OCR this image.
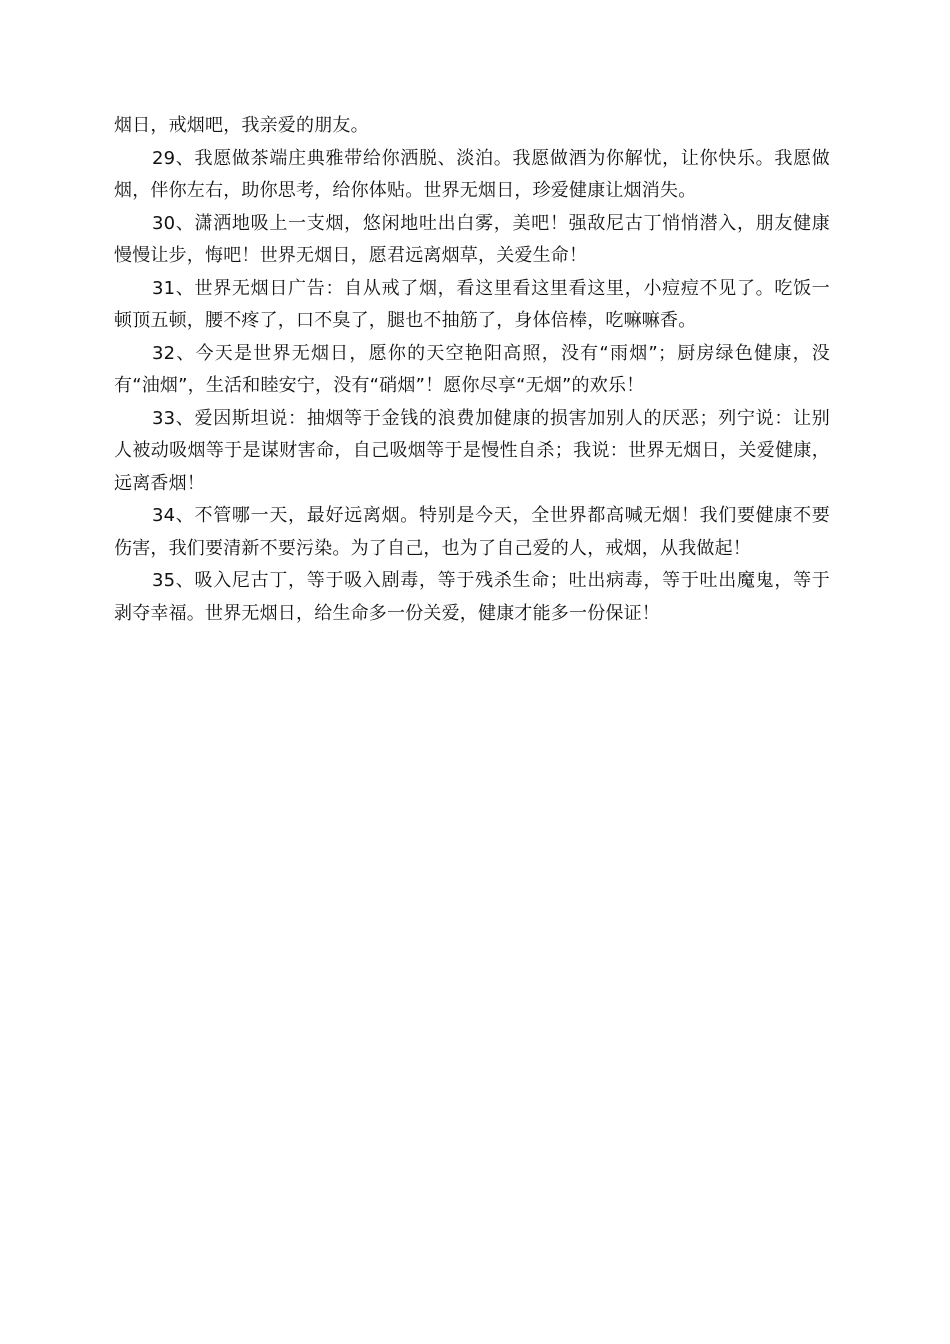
烟日，戒烟吧，我亲爱的朋友。

29、我愿做茶端庄典雅带给你洒脱、淡泊。我愿做酒为你解忧，让你快乐。我愿做烟，伴你左右，助你思考，给你体贴。世界无烟日，珍爱健康让烟消失。

30、潇洒地吸上一支烟，悠闲地吐出白雾，美吧！强敌尼古丁悄悄潜入，朋友健康慢慢让步，悔吧！世界无烟日，愿君远离烟草，关爱生命！

31、世界无烟日广告：自从戒了烟，看这里看这里看这里，小痘痘不见了。吃饭一顿顶五顿，腰不疼了，口不臭了，腿也不抽筋了，身体倍棒，吃嘛嘛香。

32、今天是世界无烟日，愿你的天空艳阳高照，没有“雨烟”；厨房绿色健康，没有“油烟”，生活和睦安宁，没有“硝烟”！愿你尽享“无烟”的欢乐！

33、爱因斯坦说：抽烟等于金钱的浪费加健康的损害加别人的厌恶；列宁说：让别人被动吸烟等于是谋财害命，自己吸烟等于是慢性自杀；我说：世界无烟日，关爱健康，远离香烟！

34、不管哪一天，最好远离烟。特别是今天，全世界都高喊无烟！我们要健康不要伤害，我们要清新不要污染。为了自己，也为了自己爱的人，戒烟，从我做起！

35、吸入尼古丁，等于吸入剧毒，等于残杀生命；吐出病毒，等于吐出魔鬼，等于剥夺幸福。世界无烟日，给生命多一份关爱，健康才能多一份保证！
